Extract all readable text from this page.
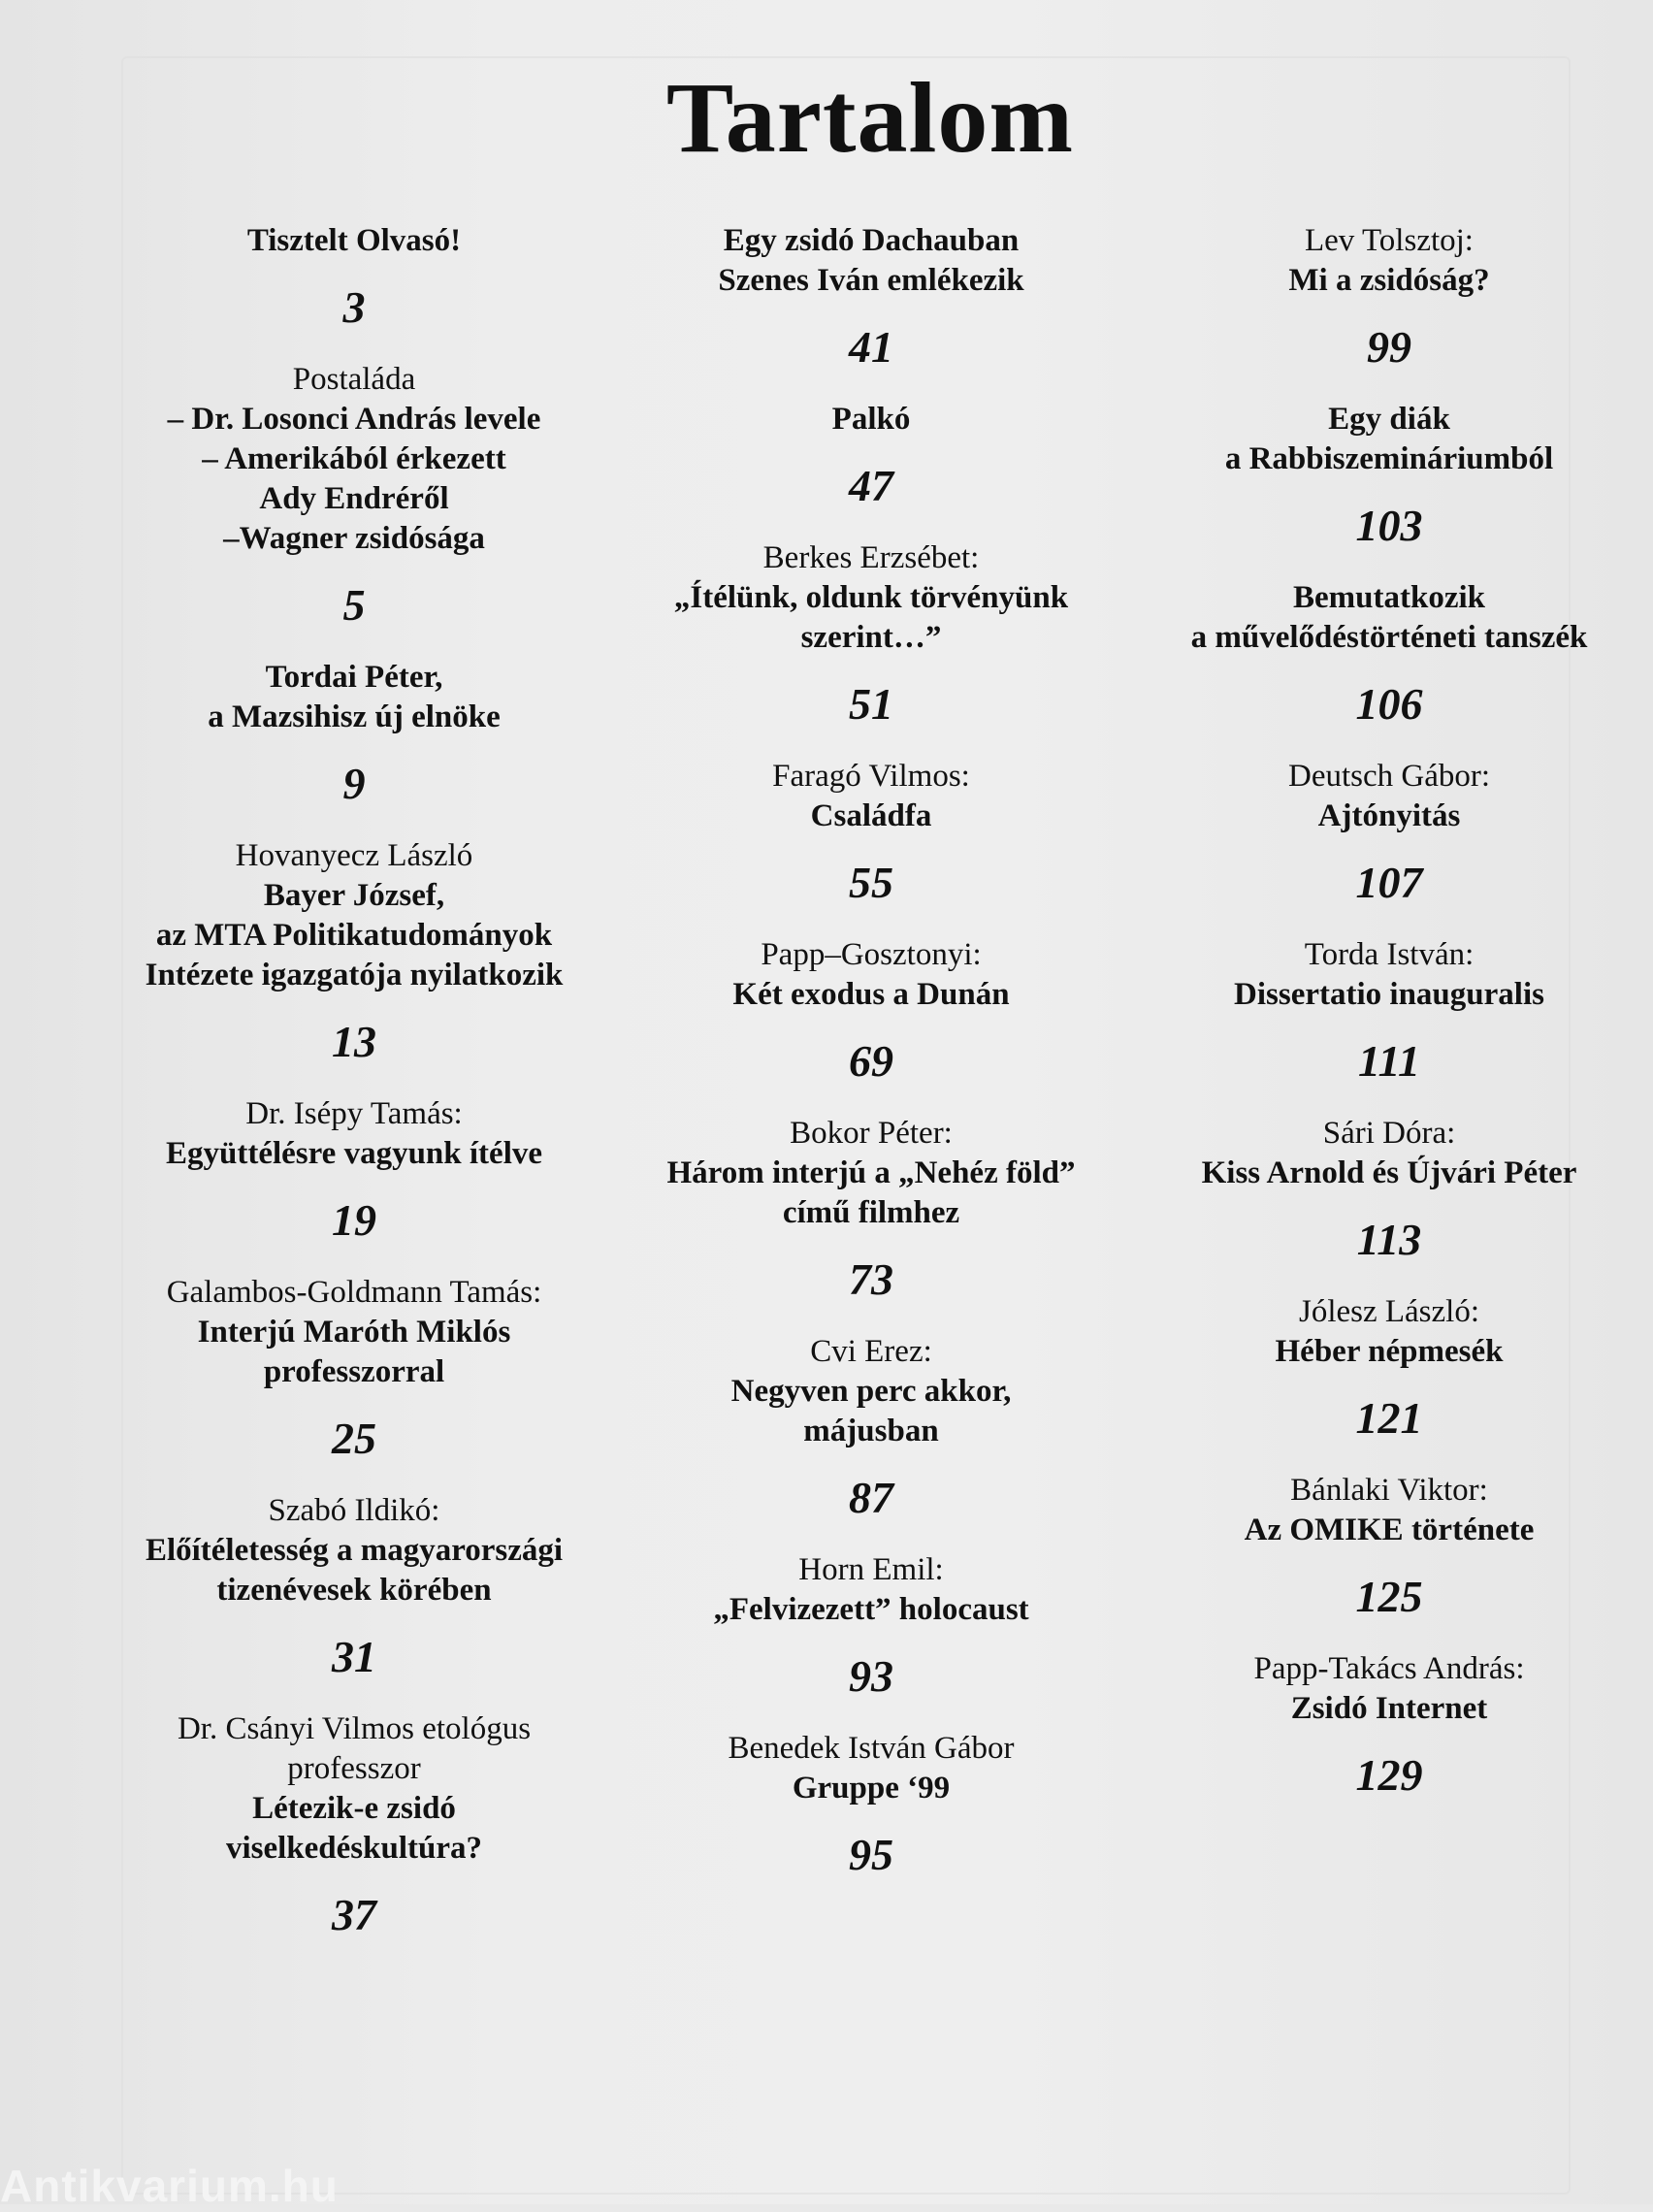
Tartalom
Tisztelt Olvasó!
3
Postaláda
– Dr. Losonci András levele
– Amerikából érkezett
Ady Endréről
–Wagner zsidósága
5
Tordai Péter,
a Mazsihisz új elnöke
9
Hovanyecz László
Bayer József,
az MTA Politikatudományok
Intézete igazgatója nyilatkozik
13
Dr. Isépy Tamás:
Együttélésre vagyunk ítélve
19
Galambos-Goldmann Tamás:
Interjú Maróth Miklós
professzorral
25
Szabó Ildikó:
Előítéletesség a magyarországi
tizenévesek körében
31
Dr. Csányi Vilmos etológus
professzor
Létezik-e zsidó
viselkedéskultúra?
37
Egy zsidó Dachauban
Szenes Iván emlékezik
41
Palkó
47
Berkes Erzsébet:
„Ítélünk, oldunk törvényünk
szerint…”
51
Faragó Vilmos:
Családfa
55
Papp–Gosztonyi:
Két exodus a Dunán
69
Bokor Péter:
Három interjú a „Nehéz föld”
című filmhez
73
Cvi Erez:
Negyven perc akkor,
májusban
87
Horn Emil:
„Felvizezett” holocaust
93
Benedek István Gábor
Gruppe ‘99
95
Lev Tolsztoj:
Mi a zsidóság?
99
Egy diák
a Rabbiszemináriumból
103
Bemutatkozik
a művelődéstörténeti tanszék
106
Deutsch Gábor:
Ajtónyitás
107
Torda István:
Dissertatio inauguralis
111
Sári Dóra:
Kiss Arnold és Újvári Péter
113
Jólesz László:
Héber népmesék
121
Bánlaki Viktor:
Az OMIKE története
125
Papp-Takács András:
Zsidó Internet
129
Antikvarium.hu
